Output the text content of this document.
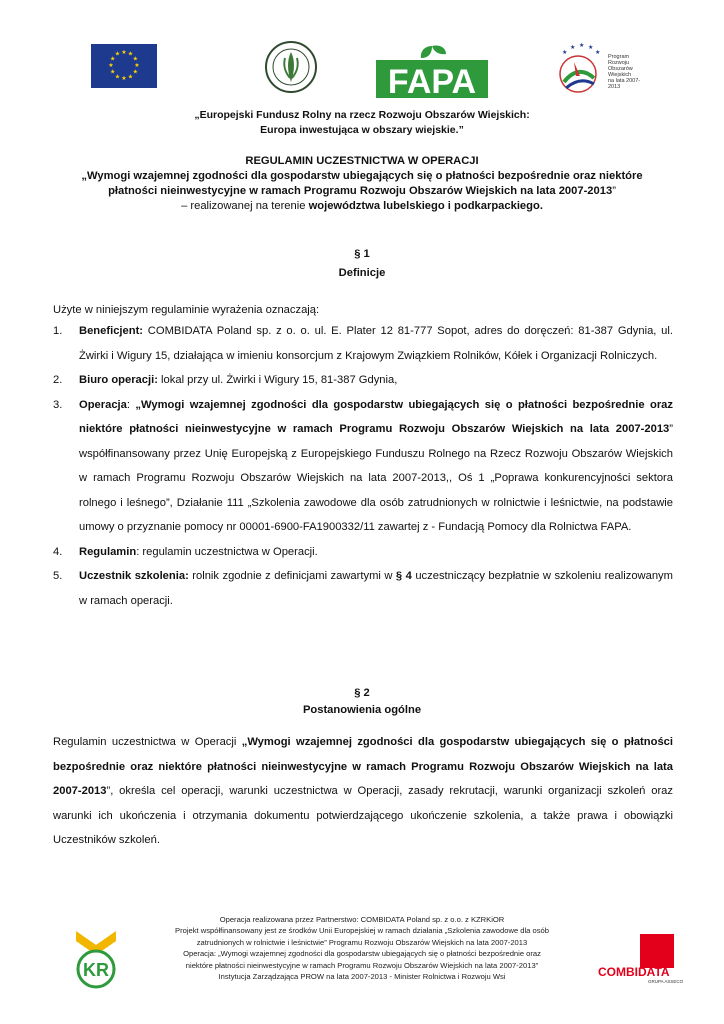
★ ★
★
★
★
★
★
★
★
★
★
★
FAPA
★
★ ★ ★
★
Program
Rozwoju
Obszarów
Wiejskich
na lata 2007-2013
„Europejski Fundusz Rolny na rzecz Rozwoju Obszarów Wiejskich:
Europa inwestująca w obszary wiejskie.”
REGULAMIN UCZESTNICTWA W OPERACJI
„Wymogi wzajemnej zgodności dla gospodarstw ubiegających się o płatności bezpośrednie oraz niektóre
płatności nieinwestycyjne w ramach Programu Rozwoju Obszarów Wiejskich na lata 2007-2013”
– realizowanej na terenie województwa lubelskiego i podkarpackiego.
§ 1
Definicje
Użyte w niniejszym regulaminie wyrażenia oznaczają:
1. Beneficjent: COMBIDATA Poland sp. z o. o. ul. E. Plater 12 81-777 Sopot, adres do doręczeń: 81-387 Gdynia, ul. Żwirki i Wigury 15, działająca w imieniu konsorcjum z Krajowym Związkiem Rolników, Kółek i Organizacji Rolniczych.
2. Biuro operacji: lokal przy ul. Żwirki i Wigury 15, 81-387 Gdynia,
3. Operacja: „Wymogi wzajemnej zgodności dla gospodarstw ubiegających się o płatności bezpośrednie oraz niektóre płatności nieinwestycyjne w ramach Programu Rozwoju Obszarów Wiejskich na lata 2007-2013” współfinansowany przez Unię Europejską z Europejskiego Funduszu Rolnego na Rzecz Rozwoju Obszarów Wiejskich w ramach Programu Rozwoju Obszarów Wiejskich na lata 2007-2013,, Oś 1 „Poprawa konkurencyjności sektora rolnego i leśnego”, Działanie 111 „Szkolenia zawodowe dla osób zatrudnionych w rolnictwie i leśnictwie, na podstawie umowy o przyznanie pomocy nr 00001-6900-FA1900332/11 zawartej z - Fundacją Pomocy dla Rolnictwa FAPA.
4. Regulamin: regulamin uczestnictwa w Operacji.
5. Uczestnik szkolenia: rolnik zgodnie z definicjami zawartymi w § 4 uczestniczący bezpłatnie w szkoleniu realizowanym w ramach operacji.
§ 2
Postanowienia ogólne
Regulamin uczestnictwa w Operacji „Wymogi wzajemnej zgodności dla gospodarstw ubiegających się o płatności bezpośrednie oraz niektóre płatności nieinwestycyjne w ramach Programu Rozwoju Obszarów Wiejskich na lata 2007-2013”, określa cel operacji, warunki uczestnictwa w Operacji, zasady rekrutacji, warunki organizacji szkoleń oraz warunki ich ukończenia i otrzymania dokumentu potwierdzającego ukończenie szkolenia, a także prawa i obowiązki Uczestników szkoleń.
KR
Operacja realizowana przez Partnerstwo: COMBIDATA Poland sp. z o.o. z KZRKiOR
Projekt współfinansowany jest ze środków Unii Europejskiej w ramach działania „Szkolenia zawodowe dla osób
zatrudnionych w rolnictwie i leśnictwie” Programu Rozwoju Obszarów Wiejskich na lata 2007-2013
Operacja: „Wymogi wzajemnej zgodności dla gospodarstw ubiegających się o płatności bezpośrednie oraz
niektóre płatności nieinwestycyjne w ramach Programu Rozwoju Obszarów Wiejskich na lata 2007-2013”
Instytucja Zarządzająca PROW na lata 2007-2013 - Minister Rolnictwa i Rozwoju Wsi	COMBIDATA
GRUPA ASSECO
